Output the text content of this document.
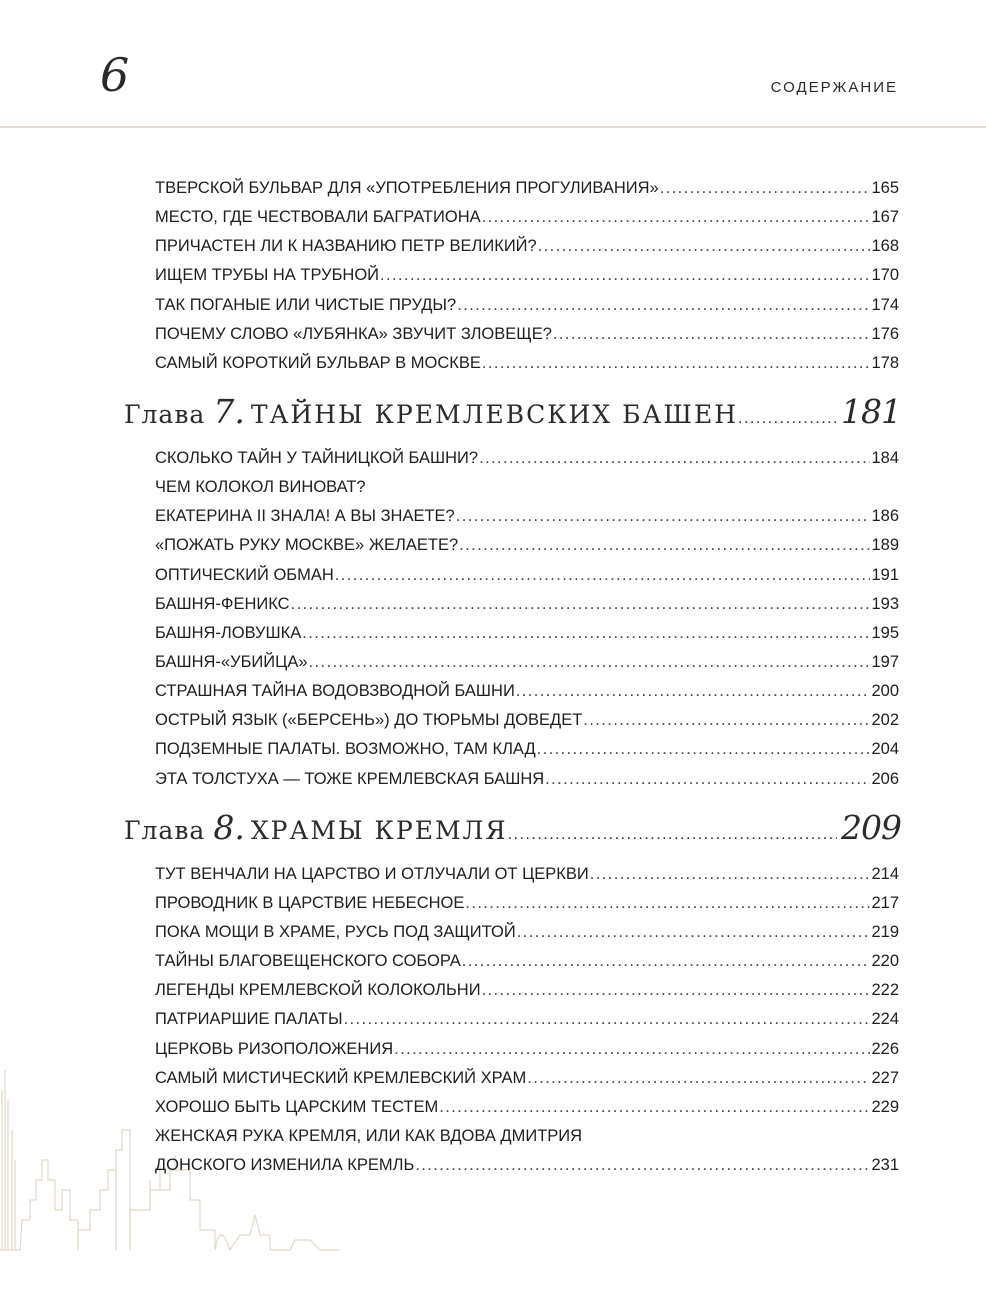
6	СОДЕРЖАНИЕ
ТВЕРСКОЙ БУЛЬВАР ДЛЯ «УПОТРЕБЛЕНИЯ ПРОГУЛИВАНИЯ» .....	165
МЕСТО, ГДЕ ЧЕСТВОВАЛИ БАГРАТИОНА .....	167
ПРИЧАСТЕН ЛИ К НАЗВАНИЮ ПЕТР ВЕЛИКИЙ? .....	168
ИЩЕМ ТРУБЫ НА ТРУБНОЙ .....	170
ТАК ПОГАНЫЕ ИЛИ ЧИСТЫЕ ПРУДЫ? .....	174
ПОЧЕМУ СЛОВО «ЛУБЯНКА» ЗВУЧИТ ЗЛОВЕЩЕ? .....	176
САМЫЙ КОРОТКИЙ БУЛЬВАР В МОСКВЕ .....	178
Глава 7. ТАЙНЫ КРЕМЛЕВСКИХ БАШЕН .....	181
СКОЛЬКО ТАЙН У ТАЙНИЦКОЙ БАШНИ? .....	184
ЧЕМ КОЛОКОЛ ВИНОВАТ?
ЕКАТЕРИНА II ЗНАЛА! А ВЫ ЗНАЕТЕ? .....	186
«ПОЖАТЬ РУКУ МОСКВЕ» ЖЕЛАЕТЕ? .....	189
ОПТИЧЕСКИЙ ОБМАН .....	191
БАШНЯ-ФЕНИКС .....	193
БАШНЯ-ЛОВУШКА .....	195
БАШНЯ-«УБИЙЦА» .....	197
СТРАШНАЯ ТАЙНА ВОДОВЗВОДНОЙ БАШНИ .....	200
ОСТРЫЙ ЯЗЫК («БЕРСЕНЬ») ДО ТЮРЬМЫ ДОВЕДЕТ .....	202
ПОДЗЕМНЫЕ ПАЛАТЫ. ВОЗМОЖНО, ТАМ КЛАД .....	204
ЭТА ТОЛСТУХА — ТОЖЕ КРЕМЛЕВСКАЯ БАШНЯ .....	206
Глава 8. ХРАМЫ КРЕМЛЯ .....	209
ТУТ ВЕНЧАЛИ НА ЦАРСТВО И ОТЛУЧАЛИ ОТ ЦЕРКВИ .....	214
ПРОВОДНИК В ЦАРСТВИЕ НЕБЕСНОЕ .....	217
ПОКА МОЩИ В ХРАМЕ, РУСЬ ПОД ЗАЩИТОЙ .....	219
ТАЙНЫ БЛАГОВЕЩЕНСКОГО СОБОРА .....	220
ЛЕГЕНДЫ КРЕМЛЕВСКОЙ КОЛОКОЛЬНИ .....	222
ПАТРИАРШИЕ ПАЛАТЫ .....	224
ЦЕРКОВЬ РИЗОПОЛОЖЕНИЯ .....	226
САМЫЙ МИСТИЧЕСКИЙ КРЕМЛЕВСКИЙ ХРАМ .....	227
ХОРОШО БЫТЬ ЦАРСКИМ ТЕСТЕМ .....	229
ЖЕНСКАЯ РУКА КРЕМЛЯ, ИЛИ КАК ВДОВА ДМИТРИЯ
ДОНСКОГО ИЗМЕНИЛА КРЕМЛЬ .....	231
